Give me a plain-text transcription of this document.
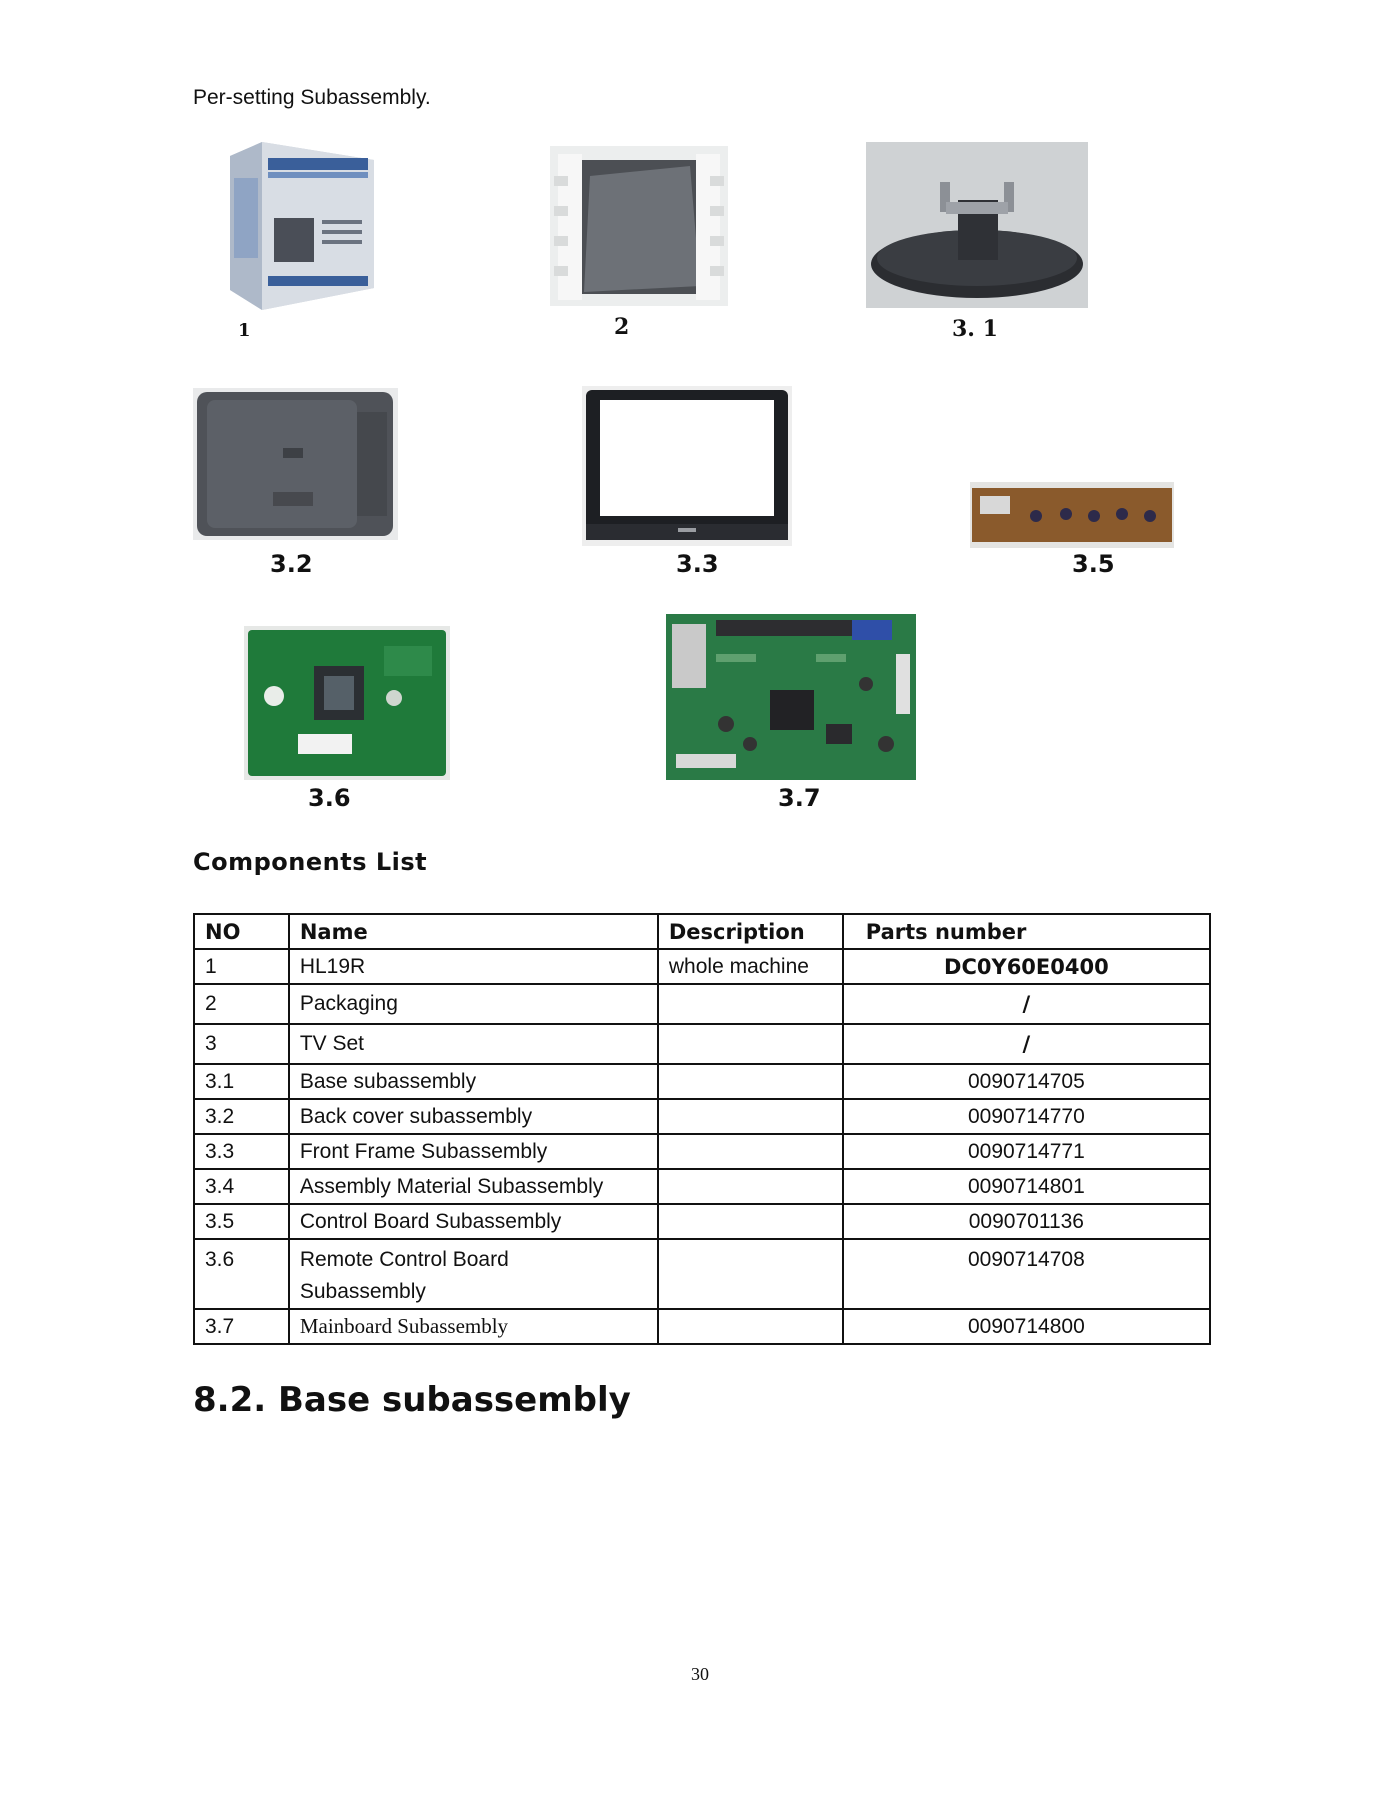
Per-setting Subassembly.
1	2	3. 1
3.2	3.3	3.5
3.6	3.7
Components List
NO	Name	Description	Parts number
1	HL19R	whole machine	DC0Y60E0400
2	Packaging		/
3	TV Set		/
3.1	Base subassembly		0090714705
3.2	Back cover subassembly		0090714770
3.3	Front Frame Subassembly		0090714771
3.4	Assembly Material Subassembly		0090714801
3.5	Control Board Subassembly		0090701136
3.6	Remote Control Board
Subassembly		0090714708
3.7	Mainboard Subassembly		0090714800
8.2. Base subassembly
30
